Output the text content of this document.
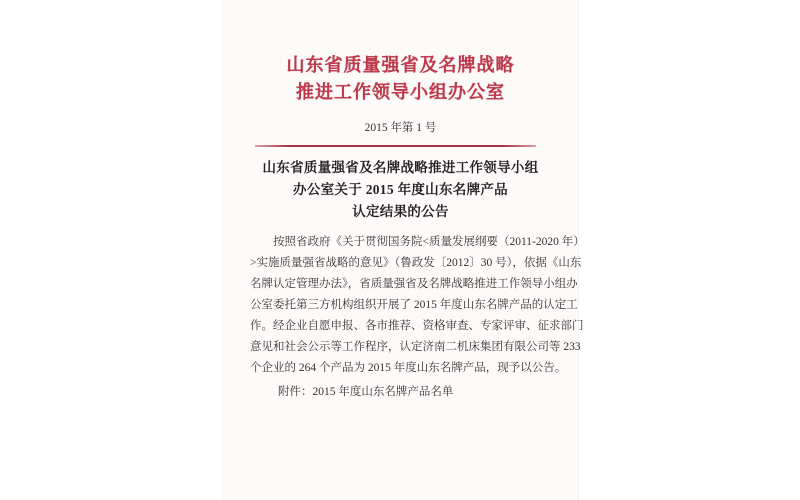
山东省质量强省及名牌战略
推进工作领导小组办公室
2015 年第 1 号
山东省质量强省及名牌战略推进工作领导小组
办公室关于 2015 年度山东名牌产品
认定结果的公告
按照省政府《关于贯彻国务院<质量发展纲要（2011-2020 年）
>实施质量强省战略的意见》（鲁政发〔2012〕30 号），依据《山东
名牌认定管理办法》，省质量强省及名牌战略推进工作领导小组办
公室委托第三方机构组织开展了 2015 年度山东名牌产品的认定工
作。经企业自愿申报、各市推荐、资格审查、专家评审、征求部门
意见和社会公示等工作程序，认定济南二机床集团有限公司等 233
个企业的 264 个产品为 2015 年度山东名牌产品，现予以公告。
附件：2015 年度山东名牌产品名单
